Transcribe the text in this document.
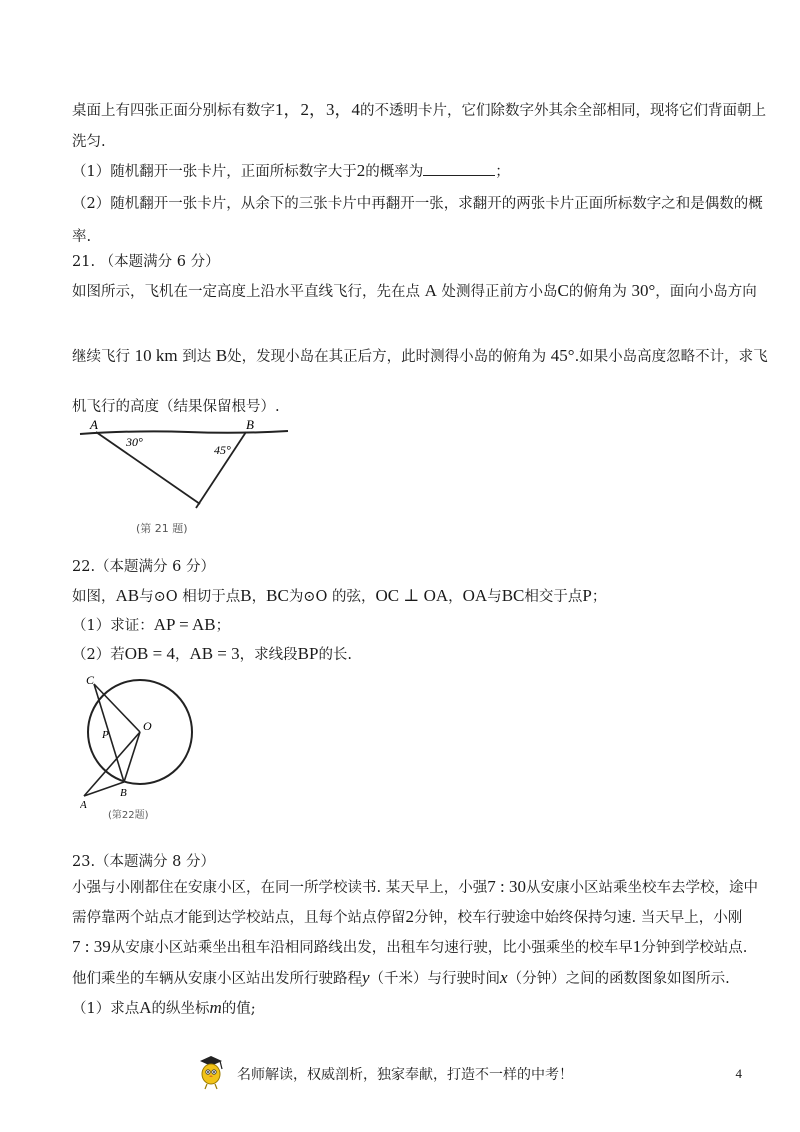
桌面上有四张正面分别标有数字1，2，3，4的不透明卡片，它们除数字外其余全部相同，现将它们背面朝上
洗匀.
（1）随机翻开一张卡片，正面所标数字大于2的概率为	；
（2）随机翻开一张卡片，从余下的三张卡片中再翻开一张，求翻开的两张卡片正面所标数字之和是偶数的概
率.
21. （本题满分 6 分）
如图所示，飞机在一定高度上沿水平直线飞行，先在点 A 处测得正前方小岛C的俯角为 30°，面向小岛方向
继续飞行 10 km 到达 B处，发现小岛在其正后方，此时测得小岛的俯角为 45°.如果小岛高度忽略不计，求飞
机飞行的高度（结果保留根号）.
A	B
30°
45°
(第 21 题)
22.（本题满分 6 分）
如图，AB与⊙O 相切于点B，BC为⊙O 的弦，OC ⊥ OA，OA与BC相交于点P；
（1）求证：AP = AB；
（2）若OB = 4，AB = 3，求线段BP的长.
C
O
P
A
B
(第22题)
23.（本题满分 8 分）
小强与小刚都住在安康小区，在同一所学校读书. 某天早上，小强7 : 30从安康小区站乘坐校车去学校，途中
需停靠两个站点才能到达学校站点，且每个站点停留2分钟，校车行驶途中始终保持匀速. 当天早上，小刚
7 : 39从安康小区站乘坐出租车沿相同路线出发，出租车匀速行驶，比小强乘坐的校车早1分钟到学校站点.
他们乘坐的车辆从安康小区站出发所行驶路程y（千米）与行驶时间x（分钟）之间的函数图象如图所示.
（1）求点A的纵坐标m的值;
名师解读，权威剖析，独家奉献，打造不一样的中考！	4
